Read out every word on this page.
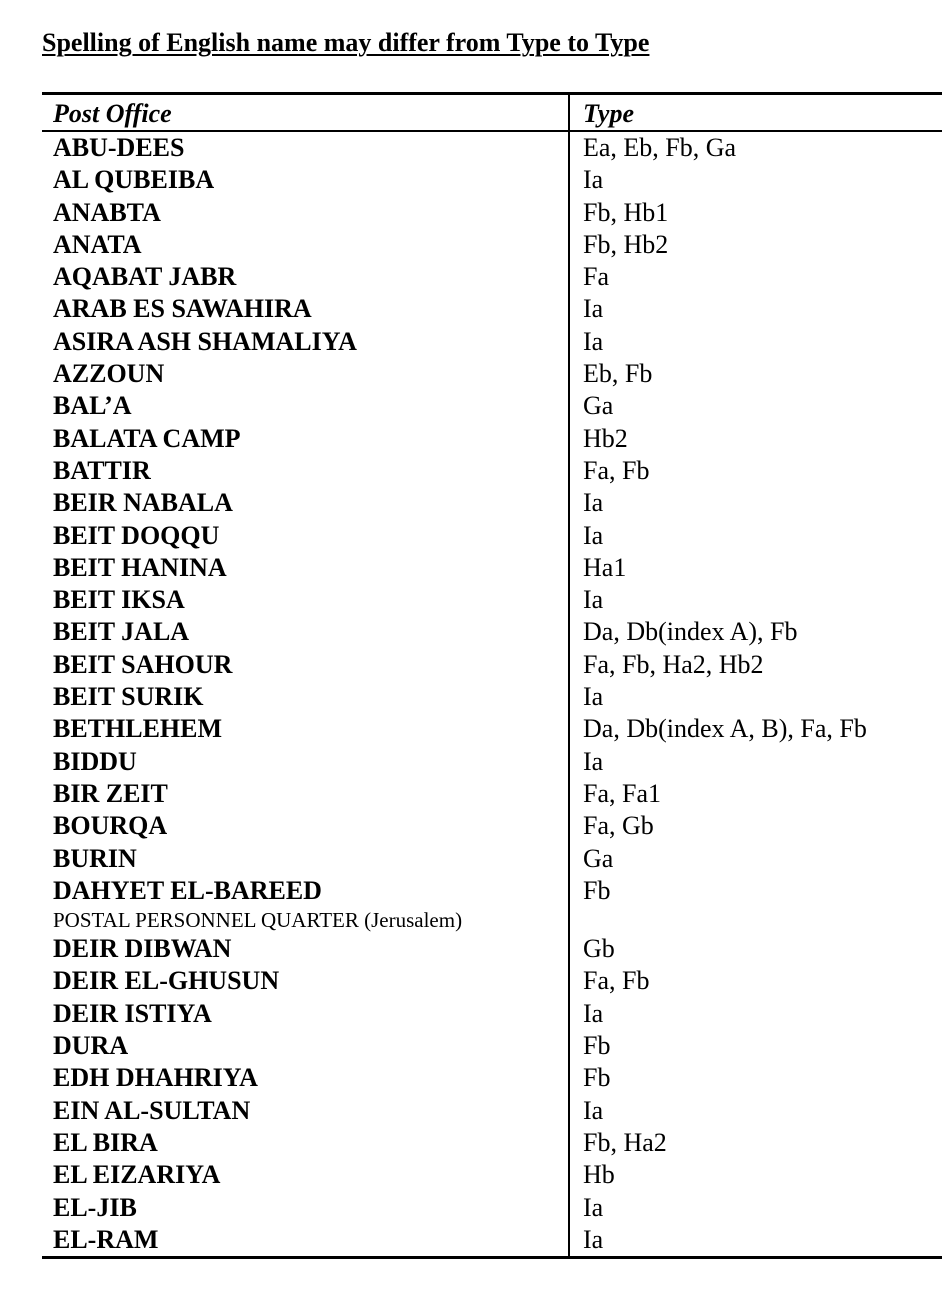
Spelling of English name may differ from Type to Type
Post Office	Type
ABU-DEES	Ea, Eb, Fb, Ga
AL QUBEIBA	Ia
ANABTA	Fb, Hb1
ANATA	Fb, Hb2
AQABAT JABR	Fa
ARAB ES SAWAHIRA	Ia
ASIRA ASH SHAMALIYA	Ia
AZZOUN	Eb, Fb
BAL’A	Ga
BALATA CAMP	Hb2
BATTIR	Fa, Fb
BEIR NABALA	Ia
BEIT DOQQU	Ia
BEIT HANINA	Ha1
BEIT IKSA	Ia
BEIT JALA	Da, Db(index A), Fb
BEIT SAHOUR	Fa, Fb, Ha2, Hb2
BEIT SURIK	Ia
BETHLEHEM	Da, Db(index A, B), Fa, Fb
BIDDU	Ia
BIR ZEIT	Fa, Fa1
BOURQA	Fa, Gb
BURIN	Ga
DAHYET EL-BAREED	Fb
POSTAL PERSONNEL QUARTER (Jerusalem)
DEIR DIBWAN	Gb
DEIR EL-GHUSUN	Fa, Fb
DEIR ISTIYA	Ia
DURA	Fb
EDH DHAHRIYA	Fb
EIN AL-SULTAN	Ia
EL BIRA	Fb, Ha2
EL EIZARIYA	Hb
EL-JIB	Ia
EL-RAM	Ia
